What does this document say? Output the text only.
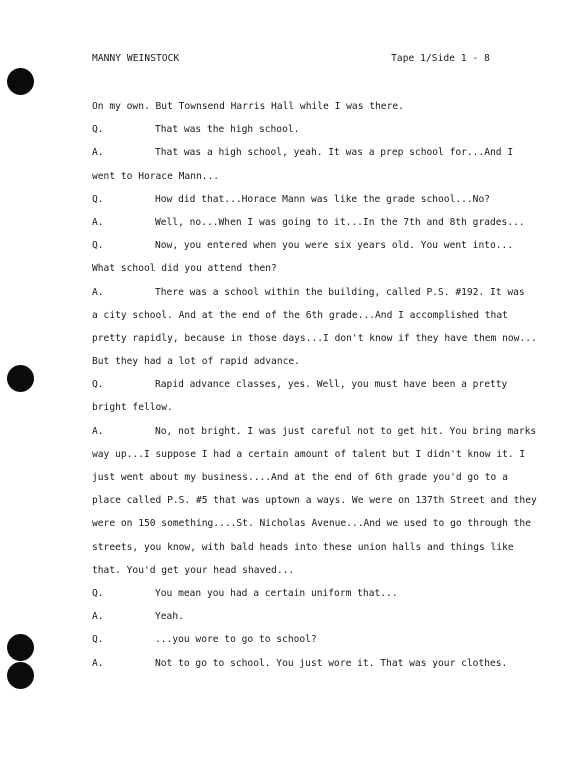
MANNY WEINSTOCK	Tape 1/Side 1 - 8
On my own. But Townsend Harris Hall while I was there.
Q.	That was the high school.
A.	That was a high school, yeah. It was a prep school for...And I
went to Horace Mann...
Q.	How did that...Horace Mann was like the grade school...No?
A.	Well, no...When I was going to it...In the 7th and 8th grades...
Q.	Now, you entered when you were six years old. You went into...
What school did you attend then?
A.	There was a school within the building, called P.S. #192. It was
a city school. And at the end of the 6th grade...And I accomplished that
pretty rapidly, because in those days...I don't know if they have them now...
But they had a lot of rapid advance.
Q.	Rapid advance classes, yes. Well, you must have been a pretty
bright fellow.
A.	No, not bright. I was just careful not to get hit. You bring marks
way up...I suppose I had a certain amount of talent but I didn't know it. I
just went about my business....And at the end of 6th grade you'd go to a
place called P.S. #5 that was uptown a ways. We were on 137th Street and they
were on 150 something....St. Nicholas Avenue...And we used to go through the
streets, you know, with bald heads into these union halls and things like
that. You'd get your head shaved...
Q.	You mean you had a certain uniform that...
A.	Yeah.
Q.	...you wore to go to school?
A.	Not to go to school. You just wore it. That was your clothes.
